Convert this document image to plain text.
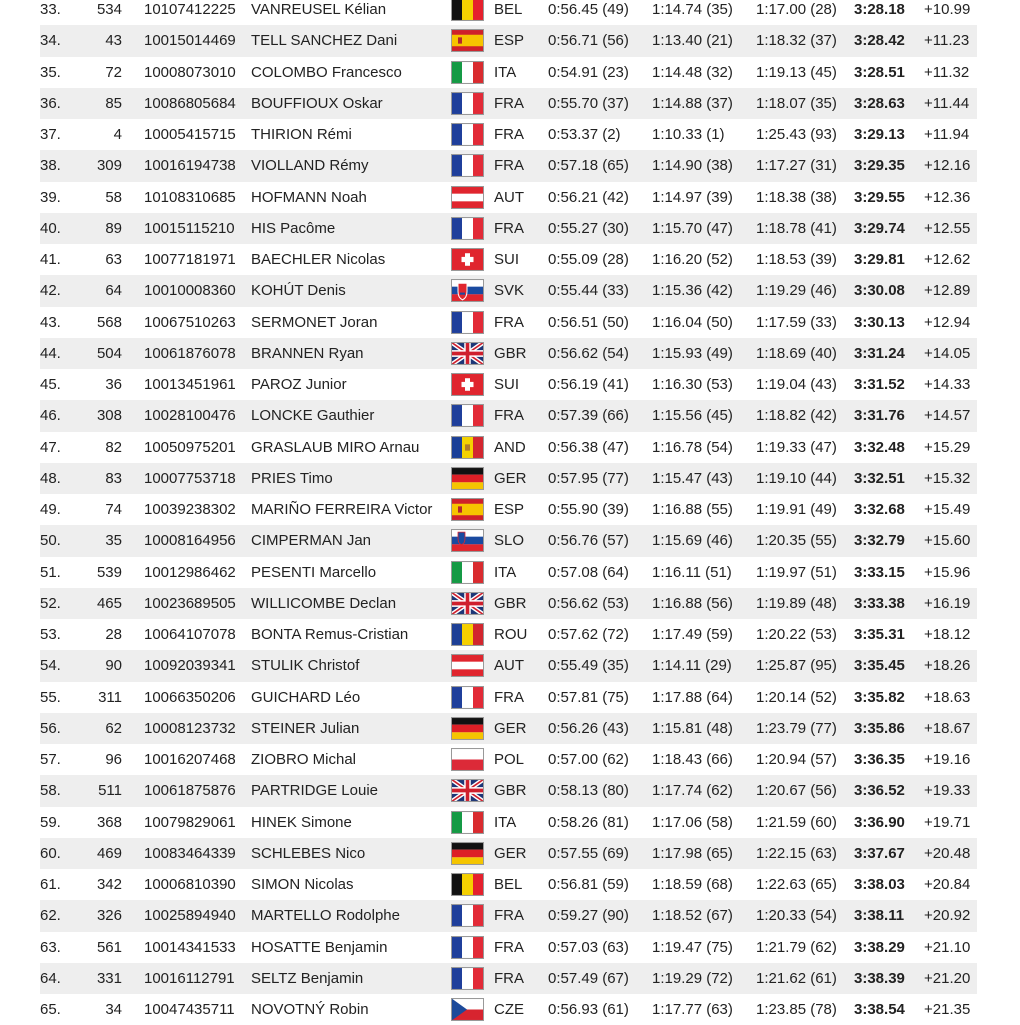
33.	534 10107412225 VANREUSEL Kélian	BEL 0:56.45 (49) 1:14.74 (35) 1:17.00 (28) 3:28.18 +10.99
34.	43 10015014469 TELL SANCHEZ Dani	ESP 0:56.71 (56) 1:13.40 (21) 1:18.32 (37) 3:28.42 +11.23
35.	72 10008073010 COLOMBO Francesco	ITA 0:54.91 (23) 1:14.48 (32) 1:19.13 (45) 3:28.51 +11.32
36.	85 10086805684 BOUFFIOUX Oskar	FRA 0:55.70 (37) 1:14.88 (37) 1:18.07 (35) 3:28.63 +11.44
37.	4 10005415715 THIRION Rémi	FRA 0:53.37 (2) 1:10.33 (1) 1:25.43 (93) 3:29.13 +11.94
38.	309 10016194738 VIOLLAND Rémy	FRA 0:57.18 (65) 1:14.90 (38) 1:17.27 (31) 3:29.35 +12.16
39.	58 10108310685 HOFMANN Noah	AUT 0:56.21 (42) 1:14.97 (39) 1:18.38 (38) 3:29.55 +12.36
40.	89 10015115210 HIS Pacôme	FRA 0:55.27 (30) 1:15.70 (47) 1:18.78 (41) 3:29.74 +12.55
41.	63 10077181971 BAECHLER Nicolas	SUI 0:55.09 (28) 1:16.20 (52) 1:18.53 (39) 3:29.81 +12.62
42.	64 10010008360 KOHÚT Denis	SVK 0:55.44 (33) 1:15.36 (42) 1:19.29 (46) 3:30.08 +12.89
43.	568 10067510263 SERMONET Joran	FRA 0:56.51 (50) 1:16.04 (50) 1:17.59 (33) 3:30.13 +12.94
44.	504 10061876078 BRANNEN Ryan	GBR 0:56.62 (54) 1:15.93 (49) 1:18.69 (40) 3:31.24 +14.05
45.	36 10013451961 PAROZ Junior	SUI 0:56.19 (41) 1:16.30 (53) 1:19.04 (43) 3:31.52 +14.33
46.	308 10028100476 LONCKE Gauthier	FRA 0:57.39 (66) 1:15.56 (45) 1:18.82 (42) 3:31.76 +14.57
47.	82 10050975201 GRASLAUB MIRO Arnau	AND 0:56.38 (47) 1:16.78 (54) 1:19.33 (47) 3:32.48 +15.29
48.	83 10007753718 PRIES Timo	GER 0:57.95 (77) 1:15.47 (43) 1:19.10 (44) 3:32.51 +15.32
49.	74 10039238302 MARIÑO FERREIRA Victor	ESP 0:55.90 (39) 1:16.88 (55) 1:19.91 (49) 3:32.68 +15.49
50.	35 10008164956 CIMPERMAN Jan	SLO 0:56.76 (57) 1:15.69 (46) 1:20.35 (55) 3:32.79 +15.60
51.	539 10012986462 PESENTI Marcello	ITA 0:57.08 (64) 1:16.11 (51) 1:19.97 (51) 3:33.15 +15.96
52.	465 10023689505 WILLICOMBE Declan	GBR 0:56.62 (53) 1:16.88 (56) 1:19.89 (48) 3:33.38 +16.19
53.	28 10064107078 BONTA Remus-Cristian	ROU 0:57.62 (72) 1:17.49 (59) 1:20.22 (53) 3:35.31 +18.12
54.	90 10092039341 STULIK Christof	AUT 0:55.49 (35) 1:14.11 (29) 1:25.87 (95) 3:35.45 +18.26
55.	311 10066350206 GUICHARD Léo	FRA 0:57.81 (75) 1:17.88 (64) 1:20.14 (52) 3:35.82 +18.63
56.	62 10008123732 STEINER Julian	GER 0:56.26 (43) 1:15.81 (48) 1:23.79 (77) 3:35.86 +18.67
57.	96 10016207468 ZIOBRO Michal	POL 0:57.00 (62) 1:18.43 (66) 1:20.94 (57) 3:36.35 +19.16
58.	511 10061875876 PARTRIDGE Louie	GBR 0:58.13 (80) 1:17.74 (62) 1:20.67 (56) 3:36.52 +19.33
59.	368 10079829061 HINEK Simone	ITA 0:58.26 (81) 1:17.06 (58) 1:21.59 (60) 3:36.90 +19.71
60.	469 10083464339 SCHLEBES Nico	GER 0:57.55 (69) 1:17.98 (65) 1:22.15 (63) 3:37.67 +20.48
61.	342 10006810390 SIMON Nicolas	BEL 0:56.81 (59) 1:18.59 (68) 1:22.63 (65) 3:38.03 +20.84
62.	326 10025894940 MARTELLO Rodolphe	FRA 0:59.27 (90) 1:18.52 (67) 1:20.33 (54) 3:38.11 +20.92
63.	561 10014341533 HOSATTE Benjamin	FRA 0:57.03 (63) 1:19.47 (75) 1:21.79 (62) 3:38.29 +21.10
64.	331 10016112791 SELTZ Benjamin	FRA 0:57.49 (67) 1:19.29 (72) 1:21.62 (61) 3:38.39 +21.20
65.	34 10047435711 NOVOTNÝ Robin	CZE 0:56.93 (61) 1:17.77 (63) 1:23.85 (78) 3:38.54 +21.35
